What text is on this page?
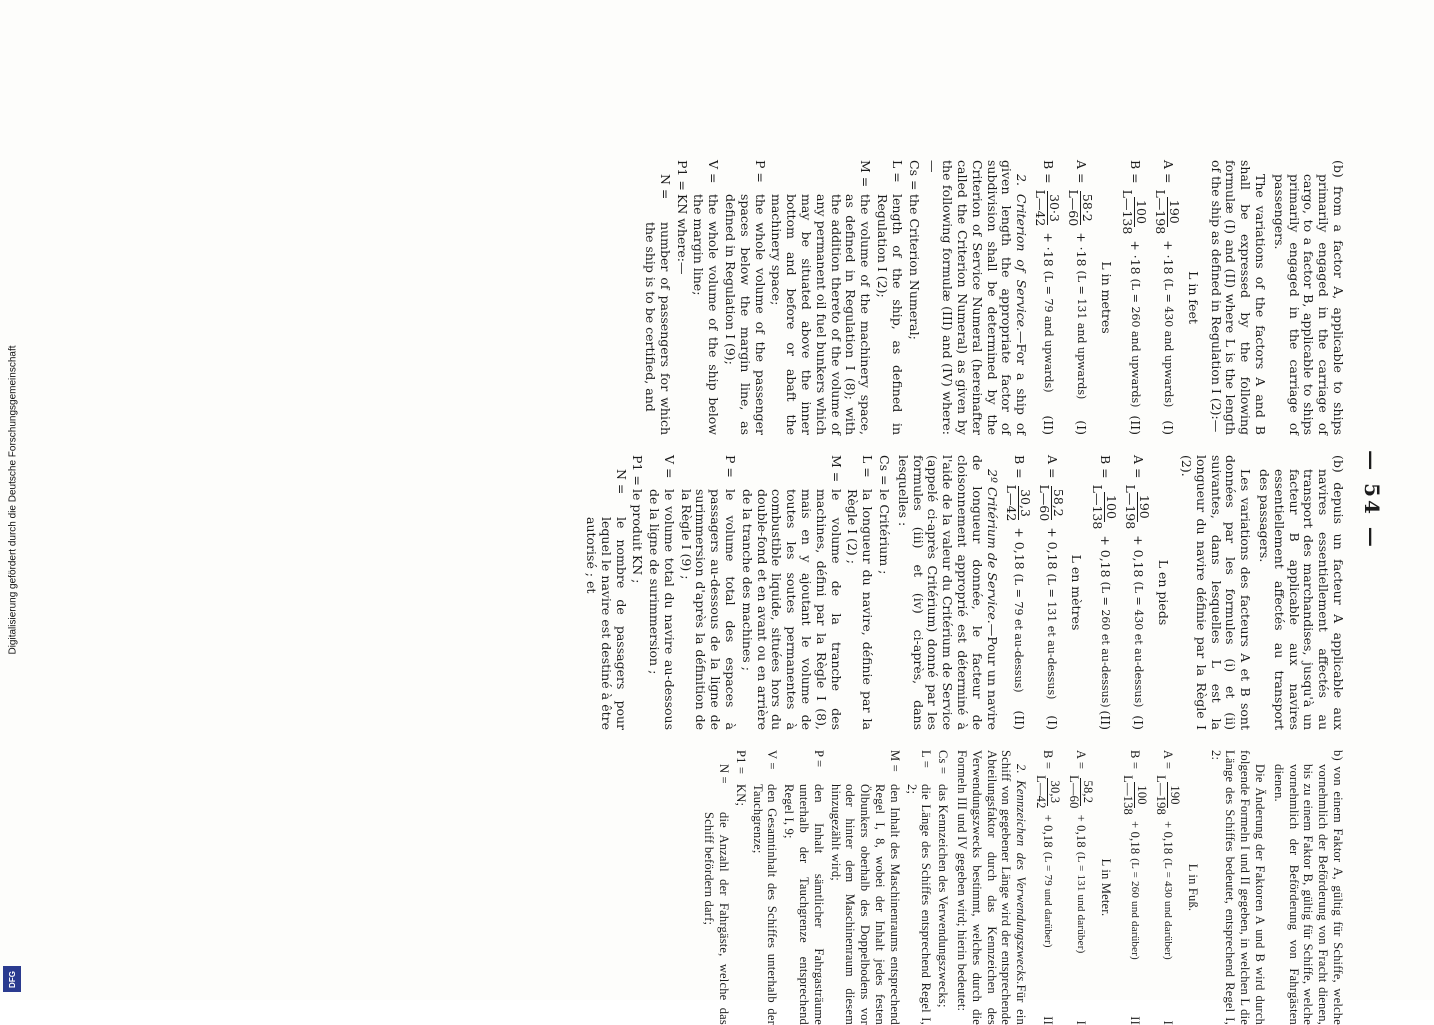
— 54 —

(b) from a factor A, applicable to ships primarily engaged in the carriage of cargo, to a factor B, applicable to ships primarily engaged in the carriage of passengers.

The variations of the factors A and B shall be expressed by the following formulæ (I) and (II) where L is the length of the ship as defined in Regulation I (2):—

L in feet
A =
190
L—198
+ ·18
(L = 430 and upwards)
(I)
B =
100
L—138
+ ·18
(L = 260 and upwards)
(II)
L in metres
A =
58·2
L—60
+ ·18
(L = 131 and upwards)
(I)
B =
30·3
L—42
+ ·18
(L = 79 and upwards)
(II)

2. Criterion of Service.—For a ship of given length the appropriate factor of subdivision shall be determined by the Criterion of Service Numeral (hereinafter called the Criterion Numeral) as given by the following formulæ (III) and (IV) where:—

Cs =
the Criterion Numeral;
L =
length of the ship, as defined in Regulation I (2);
M =
the volume of the machinery space, as defined in Regulation I (8); with the addition thereto of the volume of any permanent oil fuel bunkers which may be situated above the inner bottom and before or abaft the machinery space;
P =
the whole volume of the passenger spaces below the margin line, as defined in Regulation I (9);
V =
the whole volume of the ship below the margin line;
P1 =
KN where:—
N =
number of passengers for which the ship is to be certified, and

(b) depuis un facteur A applicable aux navires essentiellement affectés au transport des marchandises, jusqu'à un facteur B applicable aux navires essentiellement affectés au transport des passagers.

Les variations des facteurs A et B sont données par les formules (i) et (ii) suivantes, dans lesquelles L est la longueur du navire définie par la Règle I (2).

L en pieds
A =
190
L—198
+ 0,18
(L = 430 et au-dessus)
(I)
B =
100
L—138
+ 0,18
(L = 260 et au-dessus)
(II)
L en mètres
A =
58,2
L—60
+ 0,18
(L = 131 et au-dessus)
(I)
B =
30,3
L—42
+ 0,18
(L = 79 et au-dessus)
(II)

2º Critérium de Service.—Pour un navire de longueur donnée, le facteur de cloisonnement approprié est déterminé à l'aide de la valeur du Critérium de Service (appelé ci-après Critérium) donné par les formules (iii) et (iv) ci-après, dans lesquelles :

Cs =
le Critérium ;
L =
la longueur du navire, définie par la Règle I (2) ;
M =
le volume de la tranche des machines, défini par la Règle I (8), mais en y ajoutant le volume de toutes les soutes permanentes à combustible liquide, situées hors du double-fond et en avant ou en arrière de la tranche des machines ;
P =
le volume total des espaces à passagers au-dessous de la ligne de surimmersion d'après la définition de la Règle I (9) ;
V =
le volume total du navire au-dessous de la ligne de surimmersion ;
P1 =
le produit KN ;
N =
le nombre de passagers pour lequel le navire est destiné à être autorisé ; et

b) von einem Faktor A, gültig für Schiffe, welche vornehmlich der Beförderung von Fracht dienen, bis zu einem Faktor B, gültig für Schiffe, welche vornehmlich der Beförderung von Fahrgästen dienen.

Die Änderung der Faktoren A und B wird durch folgende Formeln I und II gegeben, in welchen L die Länge des Schiffes bedeutet, entsprechend Regel I, 2:

L in Fuß.
A =
190
L—198
+ 0,18
(L = 430 und darüber)
I
B =
100
L—138
+ 0,18
(L = 260 und darüber)
II
L in Meter.
A =
58,2
L—60
+ 0,18
(L = 131 und darüber)
I
B =
30,3
L—42
+ 0,18
(L = 79 und darüber)
II

2. Kennzeichen des Verwendungszwecks.Für ein Schiff von gegebener Länge wird der entsprechende Abteilungsfaktor durch das Kennzeichen des Verwendungszwecks bestimmt, welches durch die Formeln III und IV gegeben wird; hierin bedeutet:

Cs =
das Kennzeichen des Verwendungszwecks;
L =
die Länge des Schiffes entsprechend Regel I, 2;
M =
den Inhalt des Maschinenraums entsprechend Regel I, 8, wobei der Inhalt jedes festen Ölbunkers oberhalb des Doppelbodens vor oder hinter dem Maschinenraum diesem hinzugezählt wird;
P =
den Inhalt sämtlicher Fahrgasträume unterhalb der Tauchgrenze entsprechend Regel I, 9;
V =
den Gesamtinhalt des Schiffes unterhalb der Tauchgrenze;
P1 =
KN;
N =
die Anzahl der Fahrgäste, welche das Schiff befördern darf;
Digitalisierung gefördert durch die Deutsche Forschungsgemeinschaft
DFG
